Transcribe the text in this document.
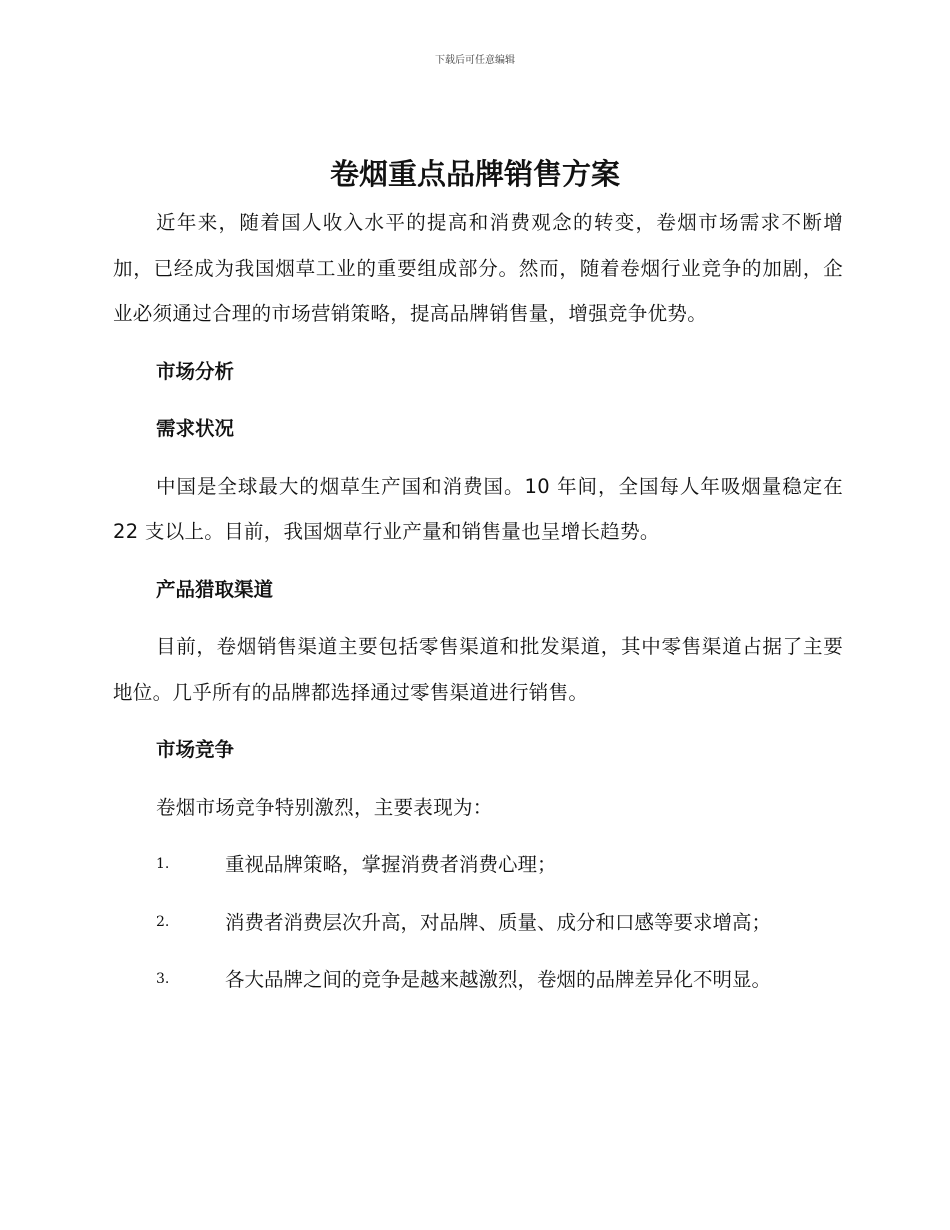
下载后可任意编辑
卷烟重点品牌销售方案

近年来，随着国人收入水平的提高和消费观念的转变，卷烟市场需求不断增加，已经成为我国烟草工业的重要组成部分。然而，随着卷烟行业竞争的加剧，企业必须通过合理的市场营销策略，提高品牌销售量，增强竞争优势。

市场分析
需求状况

中国是全球最大的烟草生产国和消费国。10 年间，全国每人年吸烟量稳定在 22 支以上。目前，我国烟草行业产量和销售量也呈增长趋势。

产品猎取渠道

目前，卷烟销售渠道主要包括零售渠道和批发渠道，其中零售渠道占据了主要地位。几乎所有的品牌都选择通过零售渠道进行销售。

市场竞争

卷烟市场竞争特别激烈，主要表现为：

1.	重视品牌策略，掌握消费者消费心理；
2.	消费者消费层次升高，对品牌、质量、成分和口感等要求增高；
3.	各大品牌之间的竞争是越来越激烈，卷烟的品牌差异化不明显。
